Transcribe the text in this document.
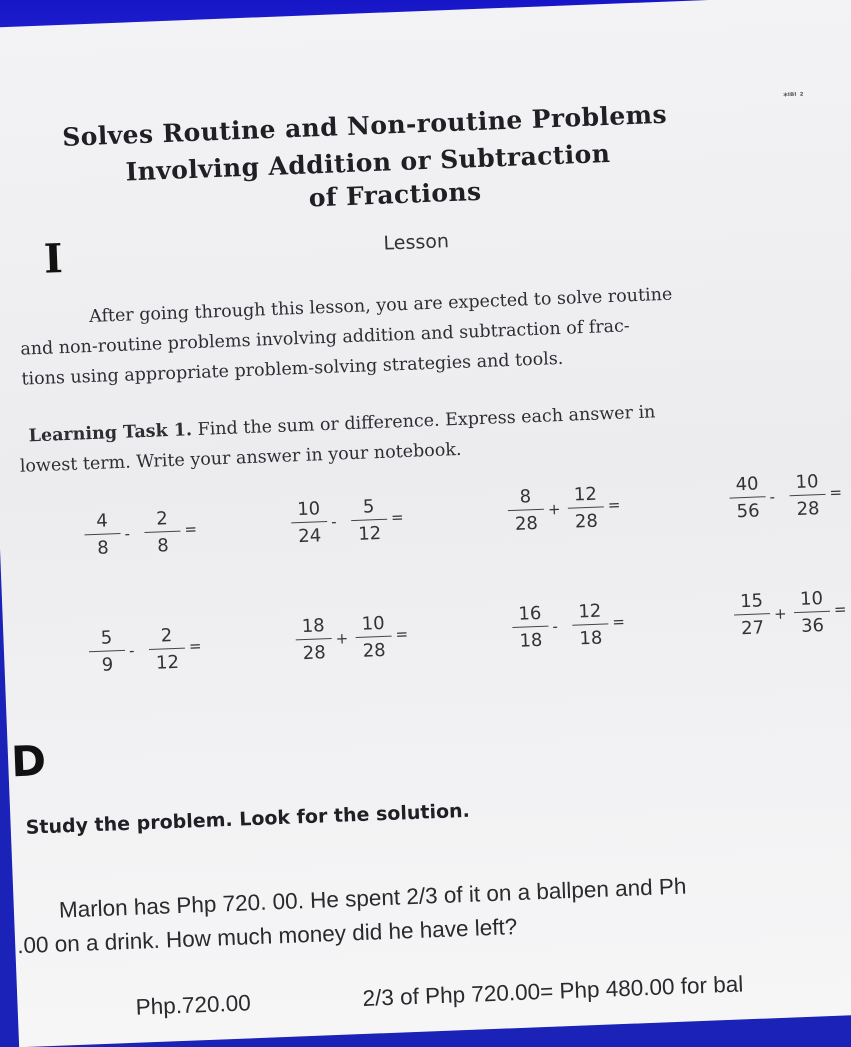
Solves Routine and Non-routine Problems
*ᴵᴮᴵ ²
Involving Addition or Subtraction
of Fractions
I	Lesson
After going through this lesson, you are expected to solve routine
and non-routine problems involving addition and subtraction of frac-
tions using appropriate problem-solving strategies and tools.
Learning Task 1. Find the sum or difference. Express each answer in
lowest term. Write your answer in your notebook.
$\frac{4}{8} - \frac{2}{8}$ =	$\frac{10}{24} - \frac{5}{12}$ =	$\frac{8}{28} + \frac{12}{28}$ =	$\frac{40}{56} - \frac{10}{28}$ =
$\frac{5}{9} - \frac{2}{12}$ =	$\frac{18}{28} + \frac{10}{28}$ =	$\frac{16}{18} - \frac{12}{18}$ =	$\frac{15}{27} + \frac{10}{36}$ =
D
Study the problem. Look for the solution.
Marlon has Php 720. 00. He spent 2/3 of it on a ballpen and Ph
.00 on a drink. How much money did he have left?
Php.720.00	2/3 of Php 720.00= Php 480.00 for bal
